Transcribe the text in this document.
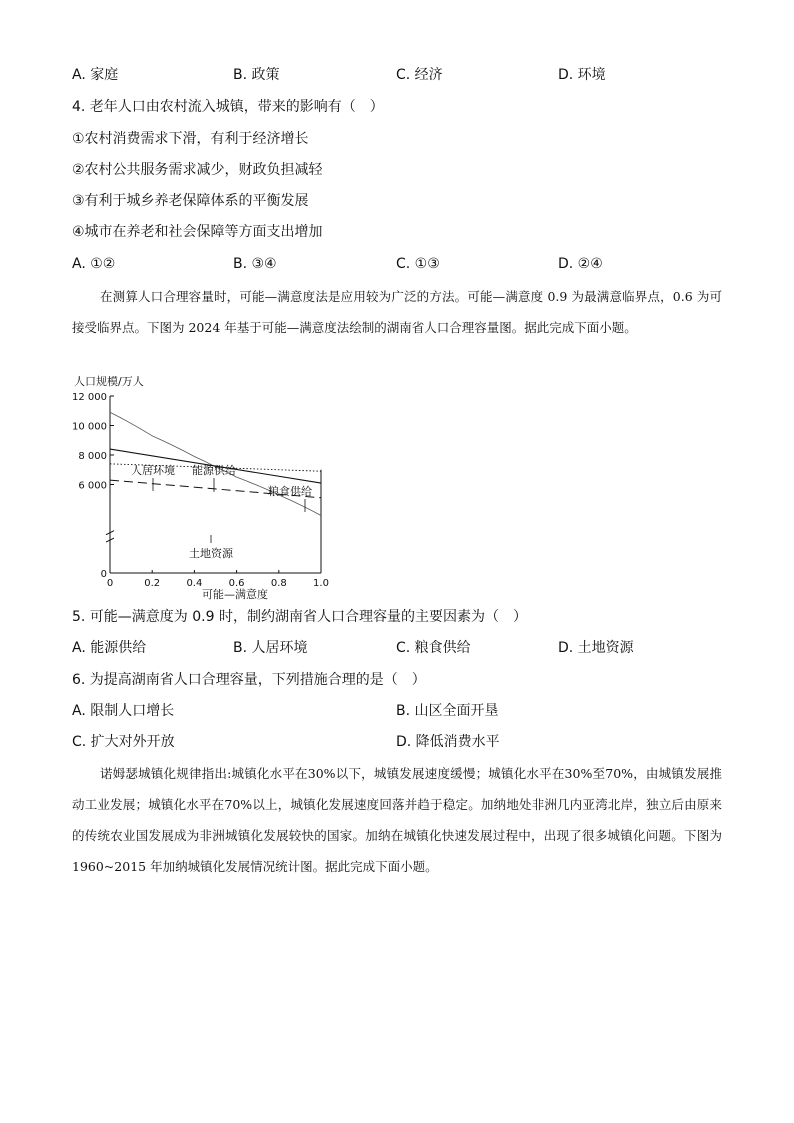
A. 家庭	B. 政策	C. 经济	D. 环境
4. 老年人口由农村流入城镇，带来的影响有（　）
①农村消费需求下滑，有利于经济增长
②农村公共服务需求减少，财政负担减轻
③有利于城乡养老保障体系的平衡发展
④城市在养老和社会保障等方面支出增加
A. ①②	B. ③④	C. ①③	D. ②④
在测算人口合理容量时，可能—满意度法是应用较为广泛的方法。可能—满意度 0.9 为最满意临界点，0.6 为可接受临界点。下图为 2024 年基于可能—满意度法绘制的湖南省人口合理容量图。据此完成下面小题。
人口规模/万人
可能—满意度
0
6 000
8 000
10 000
12 000
0	0.2	0.4	0.6	0.8	1.0
能源供给
人居环境
粮食供给
土地资源
5. 可能—满意度为 0.9 时，制约湖南省人口合理容量的主要因素为（　）
A. 能源供给	B. 人居环境	C. 粮食供给	D. 土地资源
6. 为提高湖南省人口合理容量，下列措施合理的是（　）
A. 限制人口增长	B. 山区全面开垦
C. 扩大对外开放	D. 降低消费水平
诺姆瑟城镇化规律指出:城镇化水平在30%以下，城镇发展速度缓慢；城镇化水平在30%至70%，由城镇发展推动工业发展；城镇化水平在70%以上，城镇化发展速度回落并趋于稳定。加纳地处非洲几内亚湾北岸，独立后由原来的传统农业国发展成为非洲城镇化发展较快的国家。加纳在城镇化快速发展过程中，出现了很多城镇化问题。下图为 1960~2015 年加纳城镇化发展情况统计图。据此完成下面小题。
